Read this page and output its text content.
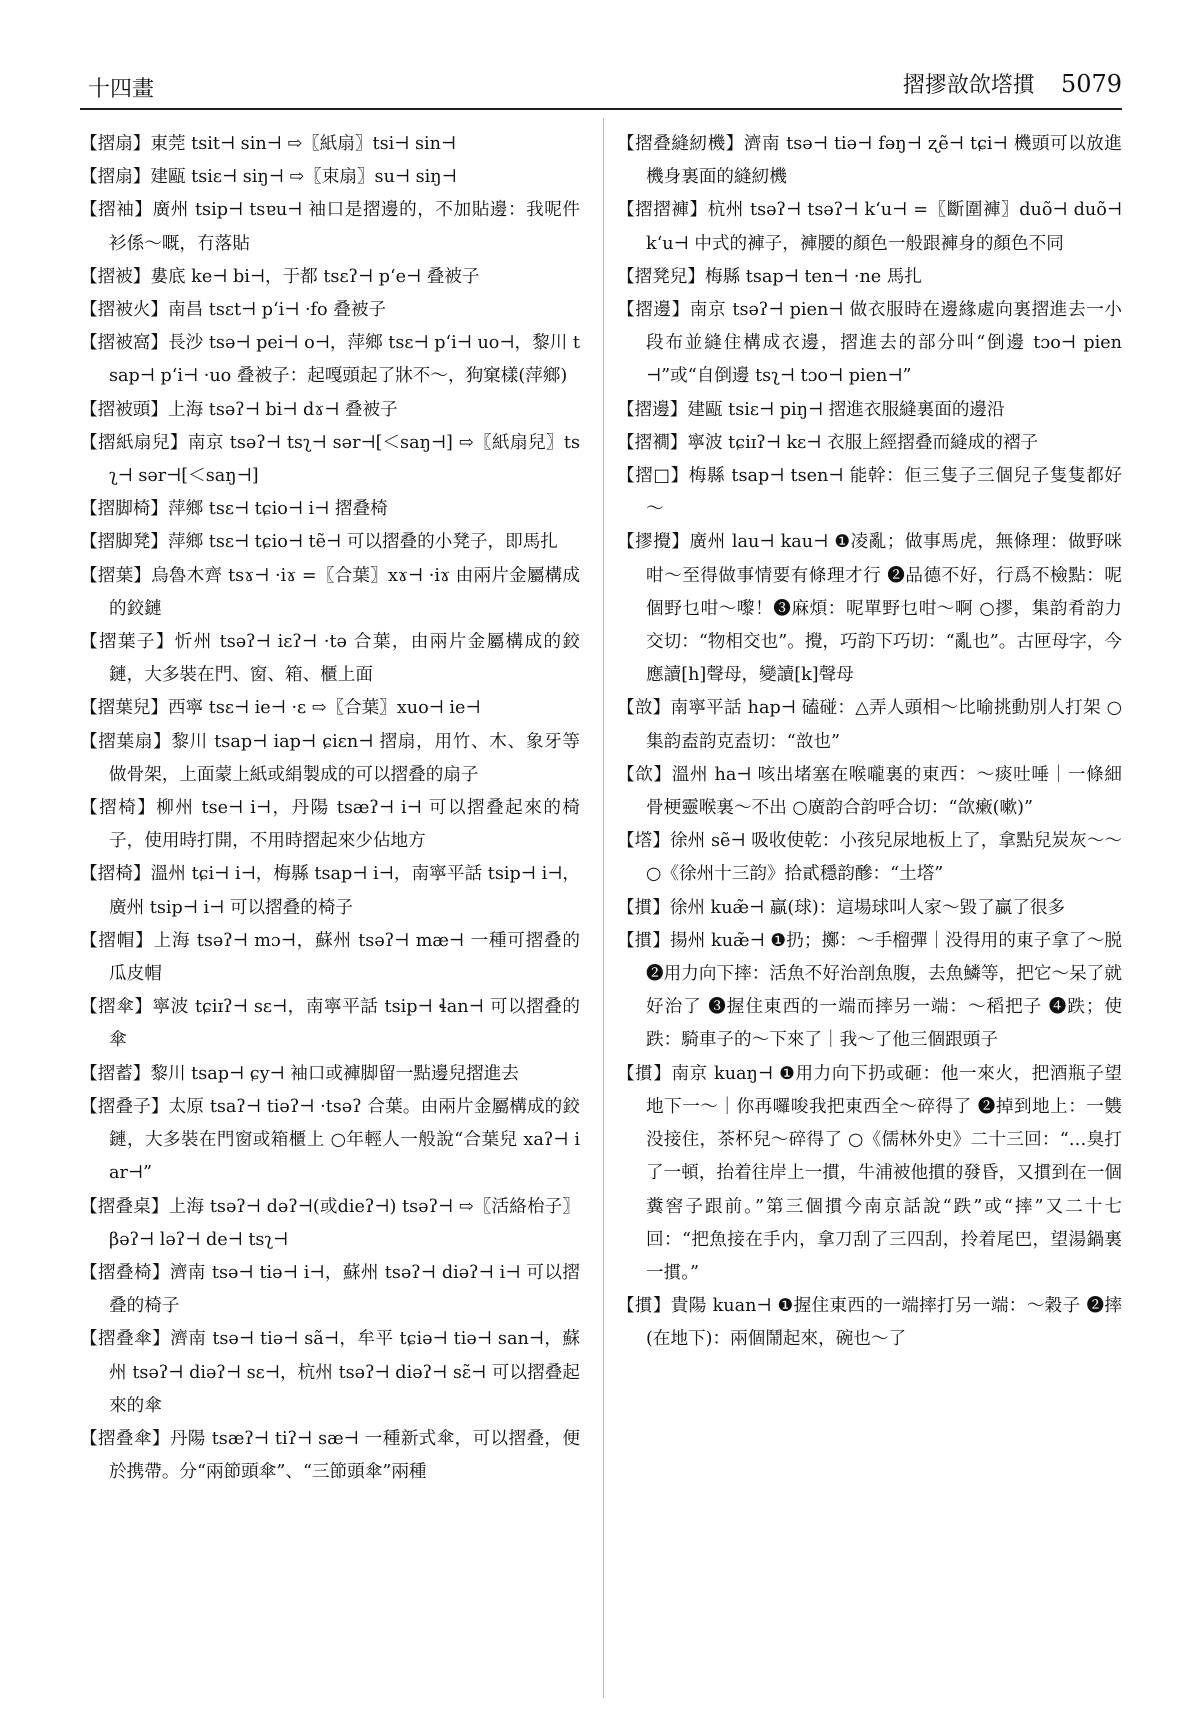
十四畫	摺摎敨欱㙮摜 5079
【摺扇】東莞 tsit⊣ sin⊣ ⇨〖紙扇〗tsi⊣ sin⊣
【摺扇】建甌 tsiε⊣ siŋ⊣ ⇨〖束扇〗su⊣ siŋ⊣
【摺袖】廣州 tsip⊣ tsɐu⊣ 袖口是摺邊的，不加貼邊：我呢件衫係～嘅，冇落貼
【摺被】婁底 ke⊣ bi⊣，于都 tsɛʔ⊣ pʻe⊣ 叠被子
【摺被火】南昌 tsɛt⊣ pʻi⊣ ·fo 叠被子
【摺被窩】長沙 tsə⊣ pei⊣ o⊣，萍鄉 tsɛ⊣ pʻi⊣ uo⊣，黎川 tsap⊣ pʻi⊣ ·uo 叠被子：起嘎頭起了牀不～，狗窠樣(萍鄉)
【摺被頭】上海 tsəʔ⊣ bi⊣ dɤ⊣ 叠被子
【摺紙扇兒】南京 tsəʔ⊣ tsʅ⊣ sər⊣[＜saŋ⊣] ⇨〖紙扇兒〗tsʅ⊣ sər⊣[＜saŋ⊣]
【摺脚椅】萍鄉 tsɛ⊣ tɕio⊣ i⊣ 摺叠椅
【摺脚凳】萍鄉 tsɛ⊣ tɕio⊣ tẽ⊣ 可以摺叠的小凳子，即馬扎
【摺葉】烏魯木齊 tsɤ⊣ ·iɤ =〖合葉〗xɤ⊣ ·iɤ 由兩片金屬構成的鉸鏈
【摺葉子】忻州 tsəʔ⊣ iɛʔ⊣ ·tə 合葉，由兩片金屬構成的鉸鏈，大多裝在門、窗、箱、櫃上面
【摺葉兒】西寧 tsɛ⊣ ie⊣ ·ɛ ⇨〖合葉〗xuo⊣ ie⊣
【摺葉扇】黎川 tsap⊣ iap⊣ ɕiɛn⊣ 摺扇，用竹、木、象牙等做骨架，上面蒙上紙或絹製成的可以摺叠的扇子
【摺椅】柳州 tse⊣ i⊣，丹陽 tsæʔ⊣ i⊣ 可以摺叠起來的椅子，使用時打開，不用時摺起來少佔地方
【摺椅】溫州 tɕi⊣ i⊣，梅縣 tsap⊣ i⊣，南寧平話 tsip⊣ i⊣，廣州 tsip⊣ i⊣ 可以摺叠的椅子
【摺帽】上海 tsəʔ⊣ mɔ⊣，蘇州 tsəʔ⊣ mæ⊣ 一種可摺叠的瓜皮帽
【摺傘】寧波 tɕiɪʔ⊣ sɛ⊣，南寧平話 tsip⊣ ɬan⊣ 可以摺叠的傘
【摺蓄】黎川 tsap⊣ ɕy⊣ 袖口或褲脚留一點邊兒摺進去
【摺叠子】太原 tsaʔ⊣ tiəʔ⊣ ·tsəʔ 合葉。由兩片金屬構成的鉸鏈，大多裝在門窗或箱櫃上 ○年輕人一般說“合葉兒 xaʔ⊣ iar⊣”
【摺叠桌】上海 tsəʔ⊣ dəʔ⊣(或dieʔ⊣) tsəʔ⊣ ⇨〖活絡枱子〗βəʔ⊣ ləʔ⊣ de⊣ tsʅ⊣
【摺叠椅】濟南 tsə⊣ tiə⊣ i⊣，蘇州 tsəʔ⊣ diəʔ⊣ i⊣ 可以摺叠的椅子
【摺叠傘】濟南 tsə⊣ tiə⊣ sã⊣，牟平 tɕiə⊣ tiə⊣ san⊣，蘇州 tsəʔ⊣ diəʔ⊣ sɛ⊣，杭州 tsəʔ⊣ diəʔ⊣ sɛ̃⊣ 可以摺叠起來的傘
【摺叠傘】丹陽 tsæʔ⊣ tiʔ⊣ sæ⊣ 一種新式傘，可以摺叠，便於携帶。分“兩節頭傘”、“三節頭傘”兩種
【摺叠縫紉機】濟南 tsə⊣ tiə⊣ fəŋ⊣ ʐẽ⊣ tɕi⊣ 機頭可以放進機身裏面的縫紉機
【摺摺褲】杭州 tsəʔ⊣ tsəʔ⊣ kʻu⊣ =〖斷圍褲〗duõ⊣ duõ⊣ kʻu⊣ 中式的褲子，褲腰的顏色一般跟褲身的顏色不同
【摺凳兒】梅縣 tsap⊣ ten⊣ ·ne 馬扎
【摺邊】南京 tsəʔ⊣ pien⊣ 做衣服時在邊緣處向裏摺進去一小段布並縫住構成衣邊，摺進去的部分叫“倒邊 tɔo⊣ pien⊣”或“自倒邊 tsʅ⊣ tɔo⊣ pien⊣”
【摺邊】建甌 tsiε⊣ piŋ⊣ 摺進衣服縫裏面的邊沿
【摺襉】寧波 tɕiɪʔ⊣ kɛ⊣ 衣服上經摺叠而縫成的褶子
【摺□】梅縣 tsap⊣ tsen⊣ 能幹：佢三隻子三個兒子隻隻都好～
【摎攪】廣州 lau⊣ kau⊣ ❶凌亂；做事馬虎，無條理：做野咪咁～至得做事情要有條理才行 ❷品德不好，行爲不檢點：呢個野乜咁～嚟！❸麻煩：呢單野乜咁～啊 ○摎，集韵肴韵力交切：“物相交也”。攪，巧韵下巧切：“亂也”。古匣母字，今應讀[h]聲母，變讀[k]聲母
【敨】南寧平話 hap⊣ 磕碰：△弄人頭相～比喻挑動別人打架 ○集韵盍韵克盍切：“敨也”
【欱】溫州 ha⊣ 咳出堵塞在喉嚨裏的東西：～痰吐唾｜一條細骨梗靈喉裏～不出 ○廣韵合韵呼合切：“欱瘷(嗽)”
【㙮】徐州 sẽ⊣ 吸收使乾：小孩兒尿地板上了，拿點兒炭灰～～ ○《徐州十三韵》拾貳穩韵醦：“土㙮”
【摜】徐州 kuæ̃⊣ 贏(球)：這場球叫人家～毀了贏了很多
【摜】揚州 kuæ̃⊣ ❶扔；擲：～手榴彈｜没得用的東子拿了～脱 ❷用力向下摔：活魚不好治剖魚腹，去魚鱗等，把它～呆了就好治了 ❸握住東西的一端而摔另一端：～稻把子 ❹跌；使跌：騎車子的～下來了｜我～了他三個跟頭子
【摜】南京 kuaŋ⊣ ❶用力向下扔或砸：他一來火，把酒瓶子望地下一～｜你再囉唆我把東西全～碎得了 ❷掉到地上：一䨇没接住，茶杯兒～碎得了 ○《儒林外史》二十三回：“…臭打了一頓，抬着往岸上一摜，牛浦被他摜的發昏，又摜到在一個糞窖子跟前。”第三個摜今南京話說“跌”或“摔”又二十七回：“把魚接在手内，拿刀刮了三四刮，拎着尾巴，望湯鍋裏一摜。”
【摜】貴陽 kuan⊣ ❶握住東西的一端摔打另一端：～穀子 ❷摔(在地下)：兩個鬧起來，碗也～了
